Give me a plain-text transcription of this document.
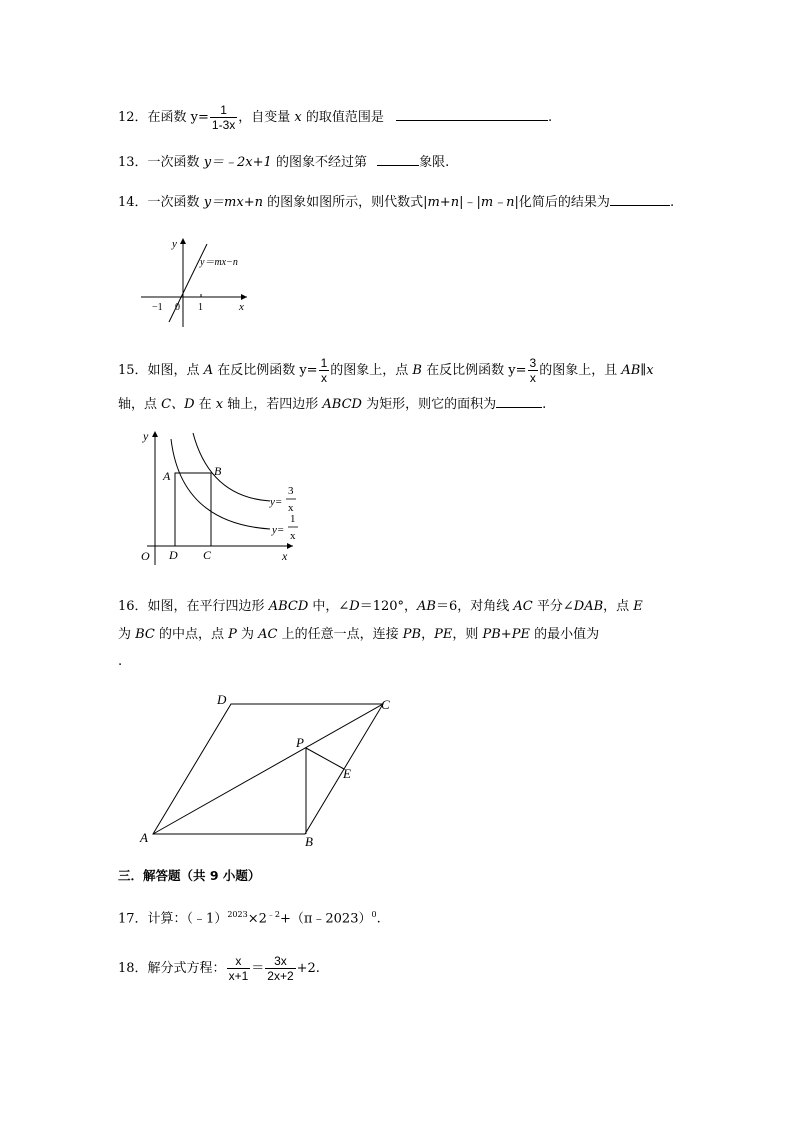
12．在函数 $y= \frac{1}{1-3x}$ ，自变量 x 的取值范围是	.
13．一次函数 y＝﹣2x+1 的图象不经过第	象限.
14．一次函数 y＝mx+n 的图象如图所示，则代数式|m+n|﹣|m﹣n|化简后的结果为	.
y
x
y＝mx−n
−1 0 1
15．如图，点 A 在反比例函数 $y= \frac{1}{x}$ 的图象上，点 B 在反比例函数 $y= \frac{3}{x}$ 的图象上，且 AB∥x
轴，点 C、D 在 x 轴上，若四边形 ABCD 为矩形，则它的面积为	.
y
x
O
A	B
C
D
y=
3
x
y=
1
x
16．如图，在平行四边形 ABCD 中，∠D＝120°，AB＝6，对角线 AC 平分∠DAB，点 E
为 BC 的中点，点 P 为 AC 上的任意一点，连接 PB，PE，则 PB+PE 的最小值为
.
A	B
C
D
P
E
三．解答题（共 9 小题）
17．计算：$(﹣1)^{2023}\times 2^{﹣2}+(\pi﹣2023)^0$.
18．解分式方程： $\frac{x}{x+1} = \frac{3x}{2x+2} +2$.
